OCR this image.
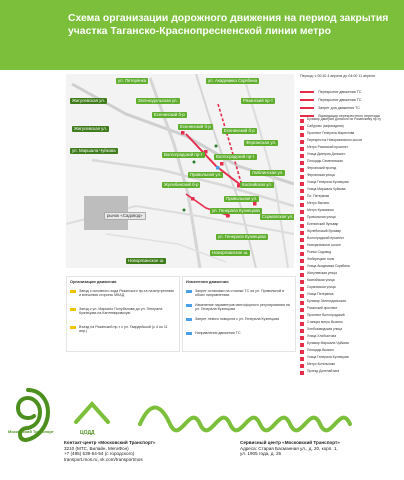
Схема организации дорожного движения на период закрытия участка Таганско-Краснопресненской линии метро
ул. Пятерянка	ул. Академика Скрябина
Жигулевская ул.	Зеленодольская ул.	Рязанский пр-т
Есенинский б-р
Есенинский б-р
Жигулевская ул.	Есенинский б-р
Ферганская ул.
ул. Маршала Чуйкова
Волгоградский пр-т	Волгоградский пр-т
Привольная ул.	Люблинская ул.
Жулебинский б-р	Каспийская ул.
Привольная ул.
ул. Генерала Кузнецова
ул. Генерала Кузнецова
Новорязанское ш.
Новорязанское ш.
Сормовская ул.
рынок «Садовод»
Период: с 00:30 4 апреля до 04:00 11 апреля
Перекрытие движения ТС
Перекрытие движения ТС
Запрет для движения ТС
Ликвидация перекрестного перехода
Бульвар Дмитрия Донского по Рязанскому пр-ту
Сабурово (зафасадная)
Проспект Генерала Маргелова
Перекресток Новорязанского шоссе
Метро Рязанский проспект
Улица Дмитрия Донского
Площадь Семеновская
Ферганский проезд
Ферганская улица
Улица Генерала Кузнецова
Улица Маршала Чуйкова
Пл. Пятерянки
Метро Выхино
Метро Кузьминки
Привольная улица
Есенинский бульвар
Жулебинский бульвар
Волгоградский проспект
Новорязанское шоссе
Рынок Садовод
Люберецкие поля
Улица Академика Скрябина
Жигулевская улица
Каспийская улица
Сормовская улица
Улица Пятерянка
Бульвар Зеленодольская
Рязанский проспект
Проспект Волгоградский
Станция метро Выхино
Хлебозаводская улица
Улица Хлобыстова
Бульвар Маршала Чуйкова
Площадь Выхино
Улица Генерала Кузнецова
Метро Котельники
Проезд Донелайтиса
Организация движения
Заезд с основного хода Рязанского пр-та на внутреннюю и внешнюю стороны МКАД
Заезд с ул. Марьино Полубалова до ул. Генерала Кузнецова на Кантемировскую
Въезд на Рязанский пр-т с ул. Гвардейской (с 4 по 11 апр.)
Изменения движения
Запрет остановки на стоянки ТС на ул. Привольной в обоих направлениях
Изменение параметров светофорного регулирования на ул. Генерала Кузнецова
Запрет левого поворота с ул. Генерала Кузнецова
Направления движения ТС
Московский Транспорт	ЦОДД
Контакт-центр «Московский Транспорт»
3210 (МТС, Билайн, МегаФон)
+7 (495) 539-54-54 (с городского)
transport.mos.ru, vk.com/transportmos
Сервисный центр «Московский Транспорт»
Адреса: Старая Басманная ул., д. 20, корп. 1,
ул. 1905 года, д. 25
